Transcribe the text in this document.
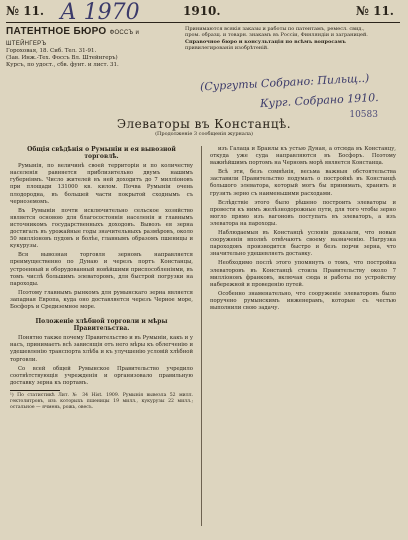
№ 11. А 1970	1910.	№ 11.
ПАТЕНТНОЕ БЮРО ФОССЪ и ШТЕЙНГЕРЪ
Гороховая, 18. Сиб. Тел. 31-91.
(Зав. Инж.-Тех. Фоссъ Вл. Штейнгеръ)
Курсъ, по удост., сбв. фунт. и лист. 31.
Принимаются всякія заказы и работы по патентамъ, ремесл. свид.,
пром. образц. и товарн. знакамъ въ Россіи, Финляндіи и заграницей.
Справочное бюро и консультація по всѣмъ вопросамъ
привилегированія изобрѣтеній.
(Сургуты Собрано: Пильщ..)
Кург. Собрано 1910.
10583
Элеваторы въ Констанцѣ.
(Продолженіе 3 сообщенія журнала)
Общія свѣдѣнія о Румыніи и ея вывозной торговлѣ.

Румынія, по величинѣ своей территоріи и по количеству населенія равняется приблизительно двумъ нашимъ губерніямъ. Число жителей въ ней доходитъ до 7 милліоновъ при площади 131000 кв. килом. Почва Румыніи очень плодородна, въ большей части покрытой сходнымъ съ черноземомъ.

Въ Румыніи почти исключительно сельское хозяйство является основою для благосостоянія населенія и главнымъ источникомъ государственныхъ доходовъ. Вывозъ ея зерна достигалъ въ урожайные годы значительныхъ размѣровъ, около 50 милліоновъ пудовъ и болѣе, главнымъ образомъ пшеницы и кукурузы.

Вся вывозная торговля зерномъ направляется преимущественно по Дунаю и черезъ портъ Констанцы, устроенный и оборудованный новѣйшими приспособленіями, въ томъ числѣ большимъ элеваторомъ, для быстрой погрузки на пароходы.

Поэтому главнымъ рынкомъ для румынскаго зерна является западная Европа, куда оно доставляется черезъ Черное море, Босфоръ и Средиземное море.

Положеніе хлѣбной торговли и мѣры Правительства.

Понятно также почему Правительство и въ Румыніи, какъ и у насъ, принимаетъ всѣ зависящія отъ него мѣры къ облегченію и удешевленію транспорта хлѣба и къ улучшенію условій хлѣбной торговли.

Со всей общей Румынское Правительство учредило соотвѣтствующія учрежденія и организовало правильную доставку зерна къ портамъ.

¹) По статистикѣ Лит. № 34 Hist. 1909. Румынія вывезла 52 милл. гектолитровъ, изъ которыхъ пшеницы 19 милл., кукурузы 22 милл.; остальное — ячмень, рожь, овесъ.

изъ Галаца и Браилы къ устью Дуная, а отсюда въ Констанцу, откуда уже суда направляются въ Босфоръ. Поэтому важнѣйшимъ портомъ на Черномъ морѣ является Констанца.

Всѣ эти, безъ сомнѣнія, весьма важныя обстоятельства заставили Правительство подумать о постройкѣ въ Констанцѣ большого элеватора, который могъ бы принимать, хранить и грузить зерно съ наименьшими расходами.

Вслѣдствіе этого было рѣшено построить элеваторы и провести къ нимъ желѣзнодорожные пути, для того чтобы зерно могло прямо изъ вагоновъ поступать въ элеваторъ, а изъ элеватора на пароходы.

Наблюдаемыя въ Констанцѣ условія доказали, что новыя сооруженія вполнѣ отвѣчаютъ своему назначенію. Нагрузка пароходовъ производится быстро и безъ порчи зерна, что значительно удешевляетъ доставку.

Необходимо послѣ этого упомянуть о томъ, что постройка элеваторовъ въ Констанцѣ стоила Правительству около 7 милліоновъ франковъ, включая сюда и работы по устройству набережной и проведенію путей.

Особенно знаменательно, что сооруженіе элеваторовъ было поручено румынскимъ инженерамъ, которые съ честью выполнили свою задачу.
